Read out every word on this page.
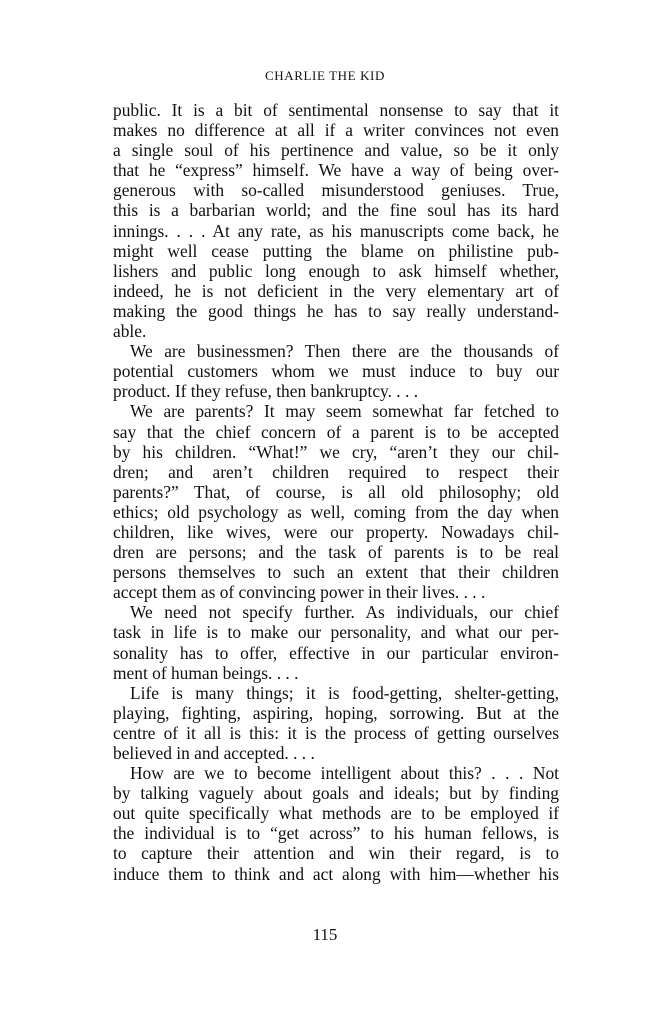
CHARLIE THE KID
public. It is a bit of sentimental nonsense to say that it
makes no difference at all if a writer convinces not even
a single soul of his pertinence and value, so be it only
that he “express” himself. We have a way of being over-
generous with so-called misunderstood geniuses. True,
this is a barbarian world; and the fine soul has its hard
innings. . . . At any rate, as his manuscripts come back, he
might well cease putting the blame on philistine pub-
lishers and public long enough to ask himself whether,
indeed, he is not deficient in the very elementary art of
making the good things he has to say really understand-
able.
We are businessmen? Then there are the thousands of
potential customers whom we must induce to buy our
product. If they refuse, then bankruptcy. . . .
We are parents? It may seem somewhat far fetched to
say that the chief concern of a parent is to be accepted
by his children. “What!” we cry, “aren’t they our chil-
dren; and aren’t children required to respect their
parents?” That, of course, is all old philosophy; old
ethics; old psychology as well, coming from the day when
children, like wives, were our property. Nowadays chil-
dren are persons; and the task of parents is to be real
persons themselves to such an extent that their children
accept them as of convincing power in their lives. . . .
We need not specify further. As individuals, our chief
task in life is to make our personality, and what our per-
sonality has to offer, effective in our particular environ-
ment of human beings. . . .
Life is many things; it is food-getting, shelter-getting,
playing, fighting, aspiring, hoping, sorrowing. But at the
centre of it all is this: it is the process of getting ourselves
believed in and accepted. . . .
How are we to become intelligent about this? . . . Not
by talking vaguely about goals and ideals; but by finding
out quite specifically what methods are to be employed if
the individual is to “get across” to his human fellows, is
to capture their attention and win their regard, is to
induce them to think and act along with him—whether his
115
